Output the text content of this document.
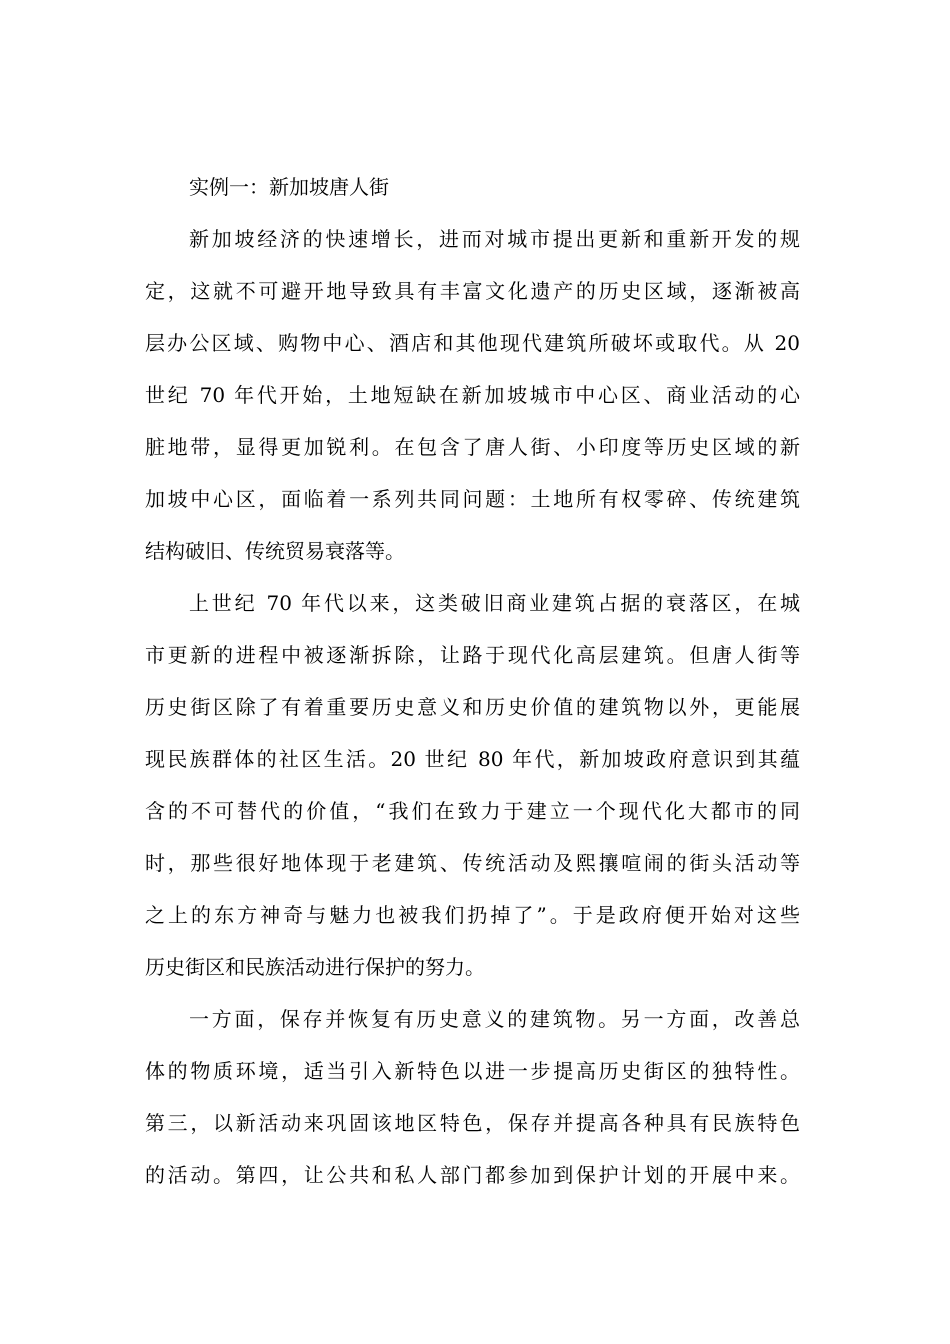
实例一：新加坡唐人街
新加坡经济的快速增长，进而对城市提出更新和重新开发的规
定，这就不可避开地导致具有丰富文化遗产的历史区域，逐渐被高
层办公区域、购物中心、酒店和其他现代建筑所破坏或取代。从 20
世纪 70 年代开始，土地短缺在新加坡城市中心区、商业活动的心
脏地带，显得更加锐利。在包含了唐人街、小印度等历史区域的新
加坡中心区，面临着一系列共同问题：土地所有权零碎、传统建筑
结构破旧、传统贸易衰落等。
上世纪 70 年代以来，这类破旧商业建筑占据的衰落区，在城
市更新的进程中被逐渐拆除，让路于现代化高层建筑。但唐人街等
历史街区除了有着重要历史意义和历史价值的建筑物以外，更能展
现民族群体的社区生活。20 世纪 80 年代，新加坡政府意识到其蕴
含的不可替代的价值，“我们在致力于建立一个现代化大都市的同
时，那些很好地体现于老建筑、传统活动及熙攘喧闹的街头活动等
之上的东方神奇与魅力也被我们扔掉了”。于是政府便开始对这些
历史街区和民族活动进行保护的努力。
一方面，保存并恢复有历史意义的建筑物。另一方面，改善总
体的物质环境，适当引入新特色以进一步提高历史街区的独特性。
第三，以新活动来巩固该地区特色，保存并提高各种具有民族特色
的活动。第四，让公共和私人部门都参加到保护计划的开展中来。
